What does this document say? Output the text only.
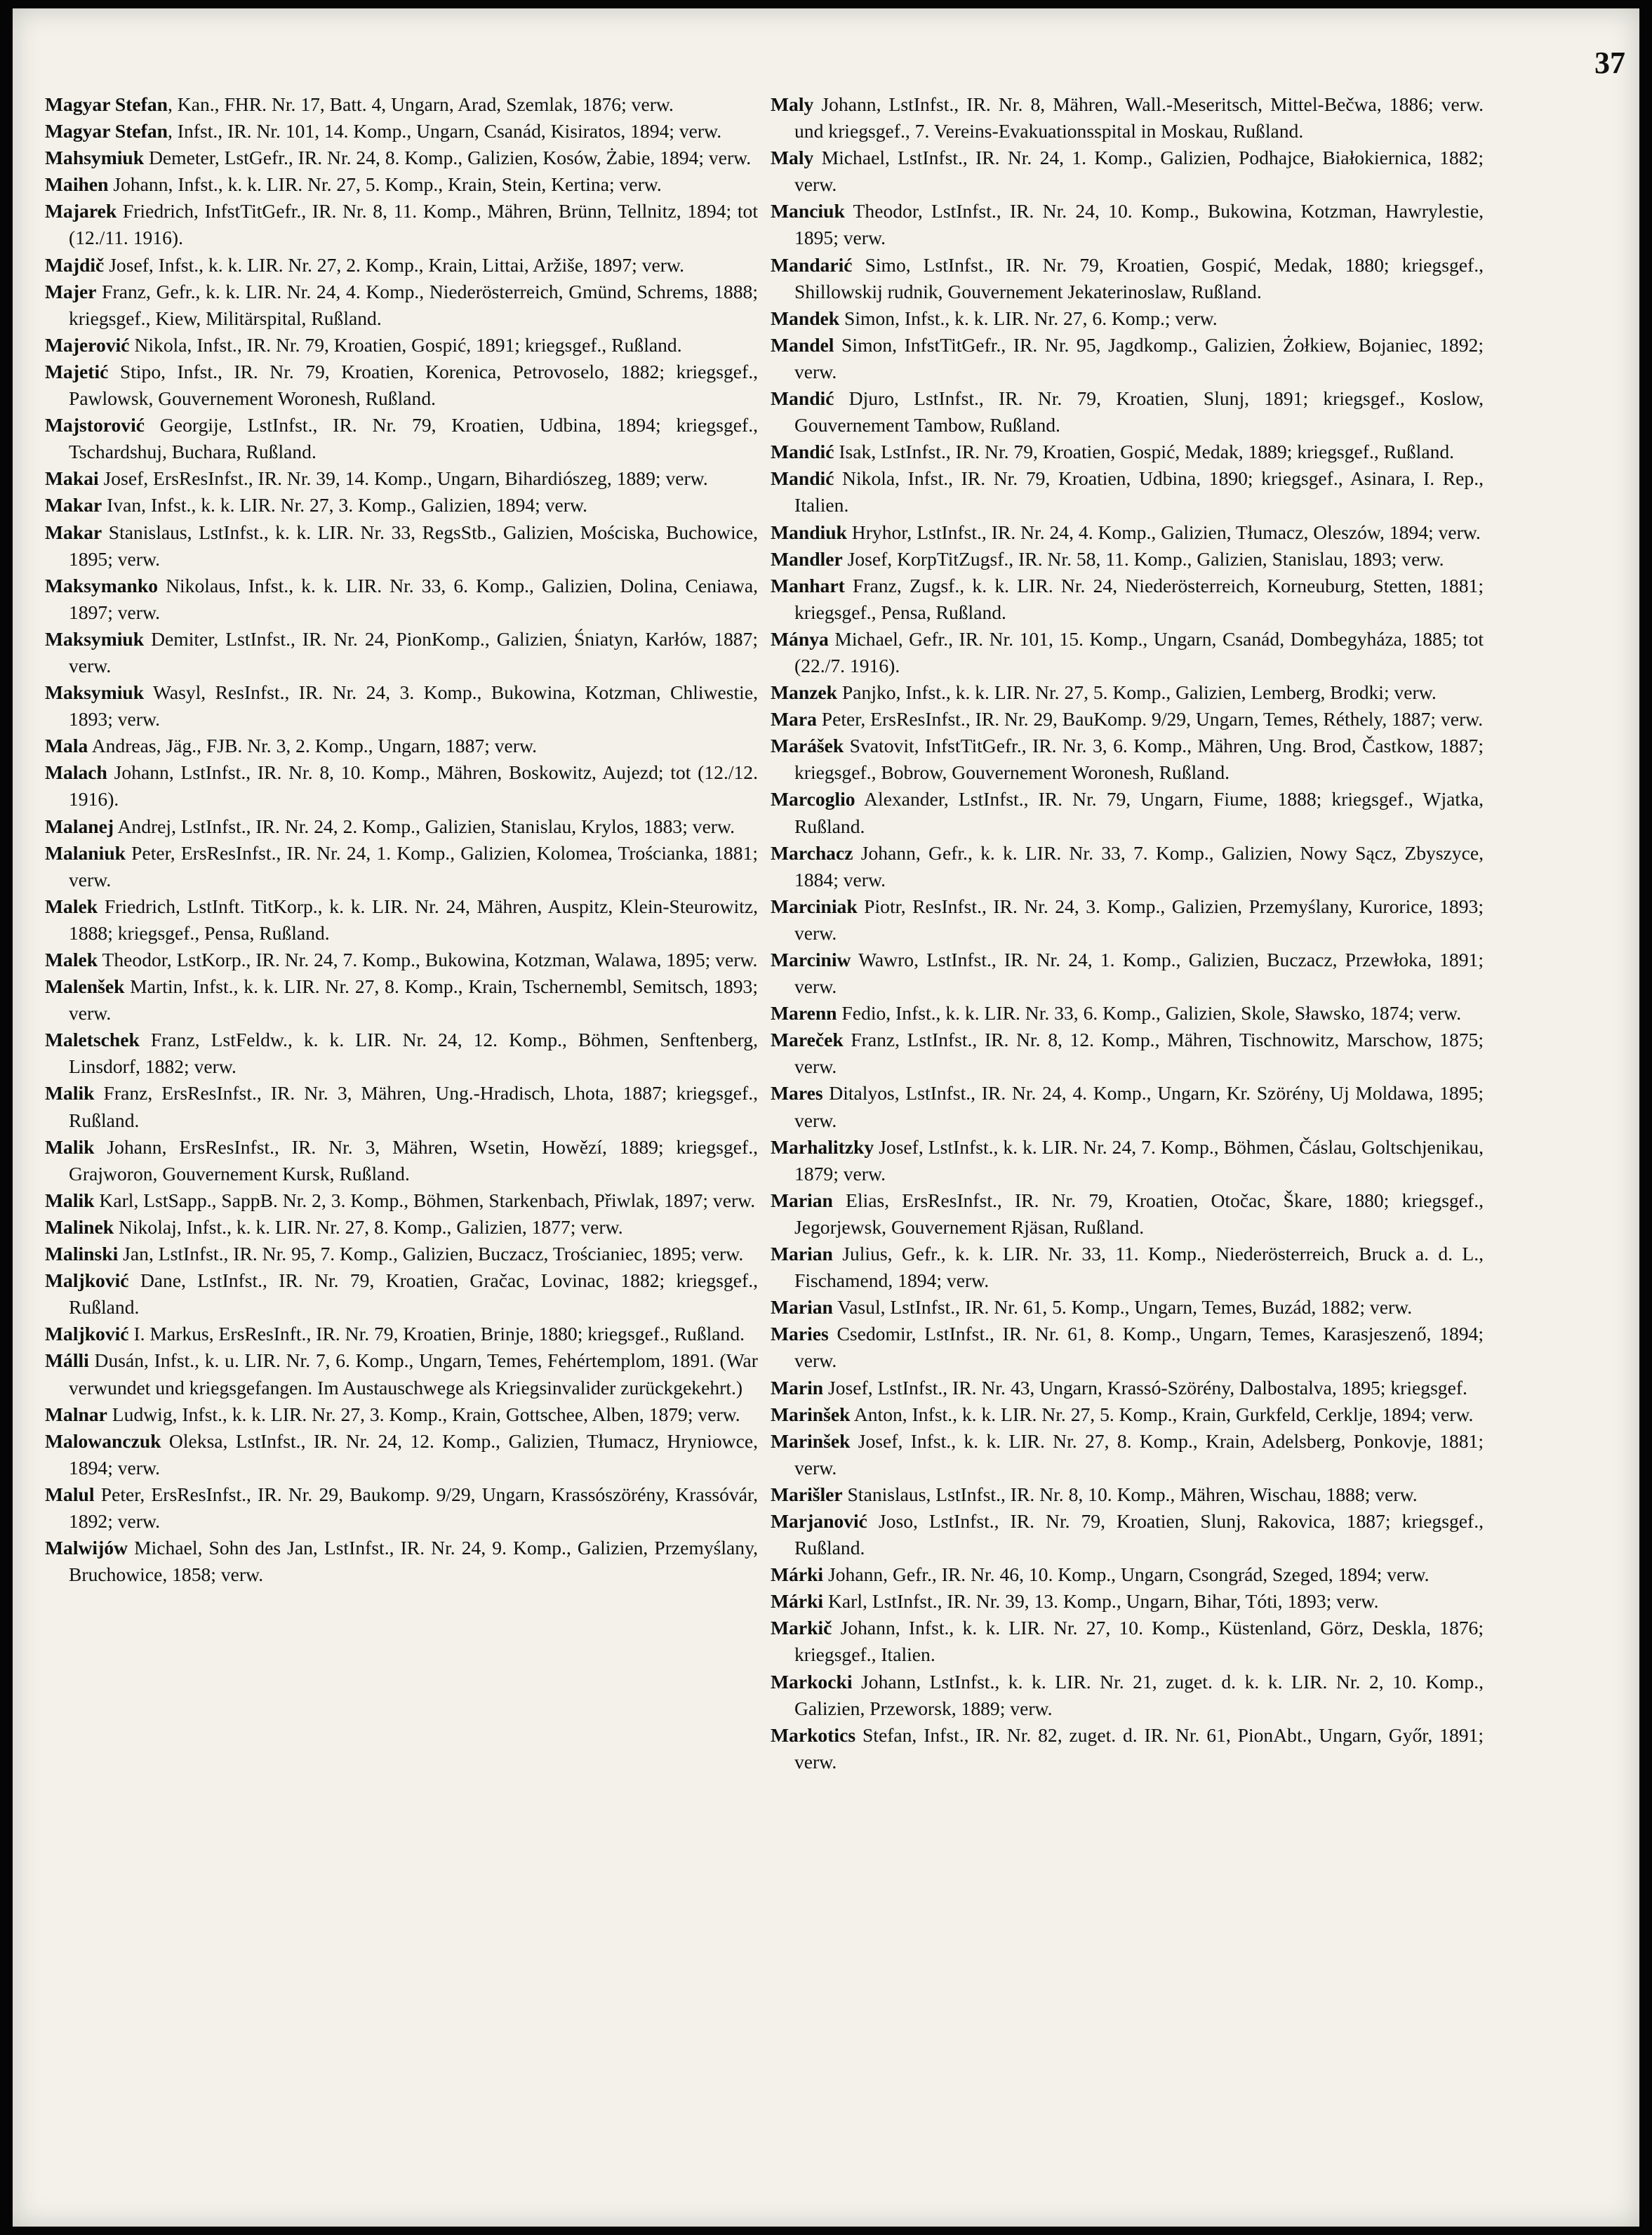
37

Magyar Stefan, Kan., FHR. Nr. 17, Batt. 4, Ungarn, Arad, Szemlak, 1876; verw.

Magyar Stefan, Infst., IR. Nr. 101, 14. Komp., Ungarn, Csanád, Kisiratos, 1894; verw.

Mahsymiuk Demeter, LstGefr., IR. Nr. 24, 8. Komp., Galizien, Kosów, Żabie, 1894; verw.

Maihen Johann, Infst., k. k. LIR. Nr. 27, 5. Komp., Krain, Stein, Kertina; verw.

Majarek Friedrich, InfstTitGefr., IR. Nr. 8, 11. Komp., Mähren, Brünn, Tellnitz, 1894; tot (12./11. 1916).

Majdič Josef, Infst., k. k. LIR. Nr. 27, 2. Komp., Krain, Littai, Aržiše, 1897; verw.

Majer Franz, Gefr., k. k. LIR. Nr. 24, 4. Komp., Niederösterreich, Gmünd, Schrems, 1888; kriegsgef., Kiew, Militärspital, Rußland.

Majerović Nikola, Infst., IR. Nr. 79, Kroatien, Gospić, 1891; kriegsgef., Rußland.

Majetić Stipo, Infst., IR. Nr. 79, Kroatien, Korenica, Petrovoselo, 1882; kriegsgef., Pawlowsk, Gouvernement Woronesh, Rußland.

Majstorović Georgije, LstInfst., IR. Nr. 79, Kroatien, Udbina, 1894; kriegsgef., Tschardshuj, Buchara, Rußland.

Makai Josef, ErsResInfst., IR. Nr. 39, 14. Komp., Ungarn, Bihardiószeg, 1889; verw.

Makar Ivan, Infst., k. k. LIR. Nr. 27, 3. Komp., Galizien, 1894; verw.

Makar Stanislaus, LstInfst., k. k. LIR. Nr. 33, RegsStb., Galizien, Mościska, Buchowice, 1895; verw.

Maksymanko Nikolaus, Infst., k. k. LIR. Nr. 33, 6. Komp., Galizien, Dolina, Ceniawa, 1897; verw.

Maksymiuk Demiter, LstInfst., IR. Nr. 24, PionKomp., Galizien, Śniatyn, Karłów, 1887; verw.

Maksymiuk Wasyl, ResInfst., IR. Nr. 24, 3. Komp., Bukowina, Kotzman, Chliwestie, 1893; verw.

Mala Andreas, Jäg., FJB. Nr. 3, 2. Komp., Ungarn, 1887; verw.

Malach Johann, LstInfst., IR. Nr. 8, 10. Komp., Mähren, Boskowitz, Aujezd; tot (12./12. 1916).

Malanej Andrej, LstInfst., IR. Nr. 24, 2. Komp., Galizien, Stanislau, Krylos, 1883; verw.

Malaniuk Peter, ErsResInfst., IR. Nr. 24, 1. Komp., Galizien, Kolomea, Trościanka, 1881; verw.

Malek Friedrich, LstInft. TitKorp., k. k. LIR. Nr. 24, Mähren, Auspitz, Klein-Steurowitz, 1888; kriegsgef., Pensa, Rußland.

Malek Theodor, LstKorp., IR. Nr. 24, 7. Komp., Bukowina, Kotzman, Walawa, 1895; verw.

Malenšek Martin, Infst., k. k. LIR. Nr. 27, 8. Komp., Krain, Tschernembl, Semitsch, 1893; verw.

Maletschek Franz, LstFeldw., k. k. LIR. Nr. 24, 12. Komp., Böhmen, Senftenberg, Linsdorf, 1882; verw.

Malik Franz, ErsResInfst., IR. Nr. 3, Mähren, Ung.-Hradisch, Lhota, 1887; kriegsgef., Rußland.

Malik Johann, ErsResInfst., IR. Nr. 3, Mähren, Wsetin, Howězí, 1889; kriegsgef., Grajworon, Gouvernement Kursk, Rußland.

Malik Karl, LstSapp., SappB. Nr. 2, 3. Komp., Böhmen, Starkenbach, Přiwlak, 1897; verw.

Malinek Nikolaj, Infst., k. k. LIR. Nr. 27, 8. Komp., Galizien, 1877; verw.

Malinski Jan, LstInfst., IR. Nr. 95, 7. Komp., Galizien, Buczacz, Trościaniec, 1895; verw.

Maljković Dane, LstInfst., IR. Nr. 79, Kroatien, Gračac, Lovinac, 1882; kriegsgef., Rußland.

Maljković I. Markus, ErsResInft., IR. Nr. 79, Kroatien, Brinje, 1880; kriegsgef., Rußland.

Málli Dusán, Infst., k. u. LIR. Nr. 7, 6. Komp., Ungarn, Temes, Fehértemplom, 1891. (War verwundet und kriegsgefangen. Im Austauschwege als Kriegsinvalider zurückgekehrt.)

Malnar Ludwig, Infst., k. k. LIR. Nr. 27, 3. Komp., Krain, Gottschee, Alben, 1879; verw.

Malowanczuk Oleksa, LstInfst., IR. Nr. 24, 12. Komp., Galizien, Tłumacz, Hryniowce, 1894; verw.

Malul Peter, ErsResInfst., IR. Nr. 29, Baukomp. 9/29, Ungarn, Krassószörény, Krassóvár, 1892; verw.

Malwijów Michael, Sohn des Jan, LstInfst., IR. Nr. 24, 9. Komp., Galizien, Przemyślany, Bruchowice, 1858; verw.

Maly Johann, LstInfst., IR. Nr. 8, Mähren, Wall.-Meseritsch, Mittel-Bečwa, 1886; verw. und kriegsgef., 7. Vereins-Evakuationsspital in Moskau, Rußland.

Maly Michael, LstInfst., IR. Nr. 24, 1. Komp., Galizien, Podhajce, Białokiernica, 1882; verw.

Manciuk Theodor, LstInfst., IR. Nr. 24, 10. Komp., Bukowina, Kotzman, Hawrylestie, 1895; verw.

Mandarić Simo, LstInfst., IR. Nr. 79, Kroatien, Gospić, Medak, 1880; kriegsgef., Shillowskij rudnik, Gouvernement Jekaterinoslaw, Rußland.

Mandek Simon, Infst., k. k. LIR. Nr. 27, 6. Komp.; verw.

Mandel Simon, InfstTitGefr., IR. Nr. 95, Jagdkomp., Galizien, Żołkiew, Bojaniec, 1892; verw.

Mandić Djuro, LstInfst., IR. Nr. 79, Kroatien, Slunj, 1891; kriegsgef., Koslow, Gouvernement Tambow, Rußland.

Mandić Isak, LstInfst., IR. Nr. 79, Kroatien, Gospić, Medak, 1889; kriegsgef., Rußland.

Mandić Nikola, Infst., IR. Nr. 79, Kroatien, Udbina, 1890; kriegsgef., Asinara, I. Rep., Italien.

Mandiuk Hryhor, LstInfst., IR. Nr. 24, 4. Komp., Galizien, Tłumacz, Oleszów, 1894; verw.

Mandler Josef, KorpTitZugsf., IR. Nr. 58, 11. Komp., Galizien, Stanislau, 1893; verw.

Manhart Franz, Zugsf., k. k. LIR. Nr. 24, Niederösterreich, Korneuburg, Stetten, 1881; kriegsgef., Pensa, Rußland.

Mánya Michael, Gefr., IR. Nr. 101, 15. Komp., Ungarn, Csanád, Dombegyháza, 1885; tot (22./7. 1916).

Manzek Panjko, Infst., k. k. LIR. Nr. 27, 5. Komp., Galizien, Lemberg, Brodki; verw.

Mara Peter, ErsResInfst., IR. Nr. 29, BauKomp. 9/29, Ungarn, Temes, Réthely, 1887; verw.

Marášek Svatovit, InfstTitGefr., IR. Nr. 3, 6. Komp., Mähren, Ung. Brod, Častkow, 1887; kriegsgef., Bobrow, Gouvernement Woronesh, Rußland.

Marcoglio Alexander, LstInfst., IR. Nr. 79, Ungarn, Fiume, 1888; kriegsgef., Wjatka, Rußland.

Marchacz Johann, Gefr., k. k. LIR. Nr. 33, 7. Komp., Galizien, Nowy Sącz, Zbyszyce, 1884; verw.

Marciniak Piotr, ResInfst., IR. Nr. 24, 3. Komp., Galizien, Przemyślany, Kurorice, 1893; verw.

Marciniw Wawro, LstInfst., IR. Nr. 24, 1. Komp., Galizien, Buczacz, Przewłoka, 1891; verw.

Marenn Fedio, Infst., k. k. LIR. Nr. 33, 6. Komp., Galizien, Skole, Sławsko, 1874; verw.

Mareček Franz, LstInfst., IR. Nr. 8, 12. Komp., Mähren, Tischnowitz, Marschow, 1875; verw.

Mares Ditalyos, LstInfst., IR. Nr. 24, 4. Komp., Ungarn, Kr. Szörény, Uj Moldawa, 1895; verw.

Marhalitzky Josef, LstInfst., k. k. LIR. Nr. 24, 7. Komp., Böhmen, Čáslau, Goltschjenikau, 1879; verw.

Marian Elias, ErsResInfst., IR. Nr. 79, Kroatien, Otočac, Škare, 1880; kriegsgef., Jegorjewsk, Gouvernement Rjäsan, Rußland.

Marian Julius, Gefr., k. k. LIR. Nr. 33, 11. Komp., Niederösterreich, Bruck a. d. L., Fischamend, 1894; verw.

Marian Vasul, LstInfst., IR. Nr. 61, 5. Komp., Ungarn, Temes, Buzád, 1882; verw.

Maries Csedomir, LstInfst., IR. Nr. 61, 8. Komp., Ungarn, Temes, Karasjeszenő, 1894; verw.

Marin Josef, LstInfst., IR. Nr. 43, Ungarn, Krassó-Szörény, Dalbostalva, 1895; kriegsgef.

Marinšek Anton, Infst., k. k. LIR. Nr. 27, 5. Komp., Krain, Gurkfeld, Cerklje, 1894; verw.

Marinšek Josef, Infst., k. k. LIR. Nr. 27, 8. Komp., Krain, Adelsberg, Ponkovje, 1881; verw.

Marišler Stanislaus, LstInfst., IR. Nr. 8, 10. Komp., Mähren, Wischau, 1888; verw.

Marjanović Joso, LstInfst., IR. Nr. 79, Kroatien, Slunj, Rakovica, 1887; kriegsgef., Rußland.

Márki Johann, Gefr., IR. Nr. 46, 10. Komp., Ungarn, Csongrád, Szeged, 1894; verw.

Márki Karl, LstInfst., IR. Nr. 39, 13. Komp., Ungarn, Bihar, Tóti, 1893; verw.

Markič Johann, Infst., k. k. LIR. Nr. 27, 10. Komp., Küstenland, Görz, Deskla, 1876; kriegsgef., Italien.

Markocki Johann, LstInfst., k. k. LIR. Nr. 21, zuget. d. k. k. LIR. Nr. 2, 10. Komp., Galizien, Przeworsk, 1889; verw.

Markotics Stefan, Infst., IR. Nr. 82, zuget. d. IR. Nr. 61, PionAbt., Ungarn, Győr, 1891; verw.
